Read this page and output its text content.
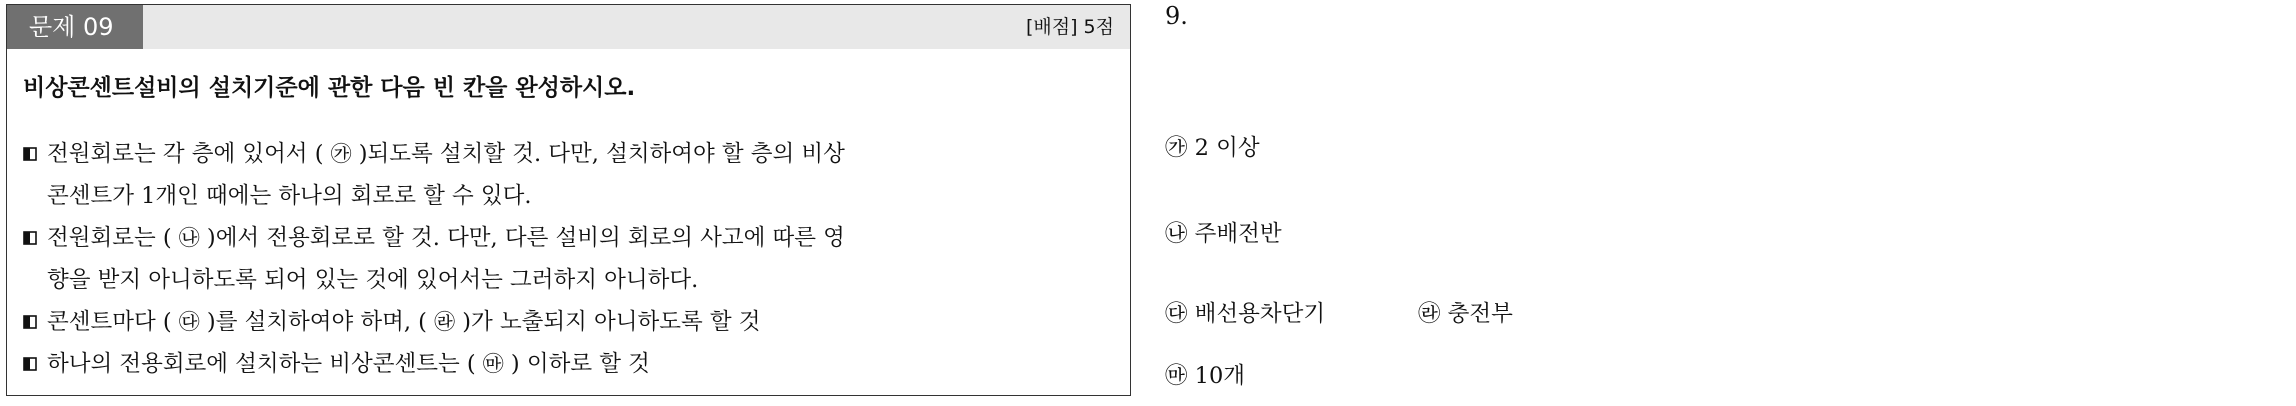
문제 09	[배점] 5점
비상콘센트설비의 설치기준에 관한 다음 빈 칸을 완성하시오.
전원회로는 각 층에 있어서 ( ㉮ )되도록 설치할 것. 다만, 설치하여야 할 층의 비상
콘센트가 1개인 때에는 하나의 회로로 할 수 있다.
전원회로는 ( ㉯ )에서 전용회로로 할 것. 다만, 다른 설비의 회로의 사고에 따른 영
향을 받지 아니하도록 되어 있는 것에 있어서는 그러하지 아니하다.
콘센트마다 ( ㉰ )를 설치하여야 하며, ( ㉱ )가 노출되지 아니하도록 할 것
하나의 전용회로에 설치하는 비상콘센트는 ( ㉲ ) 이하로 할 것
9.
㉮ 2 이상
㉯ 주배전반
㉰ 배선용차단기	㉱ 충전부
㉲ 10개
